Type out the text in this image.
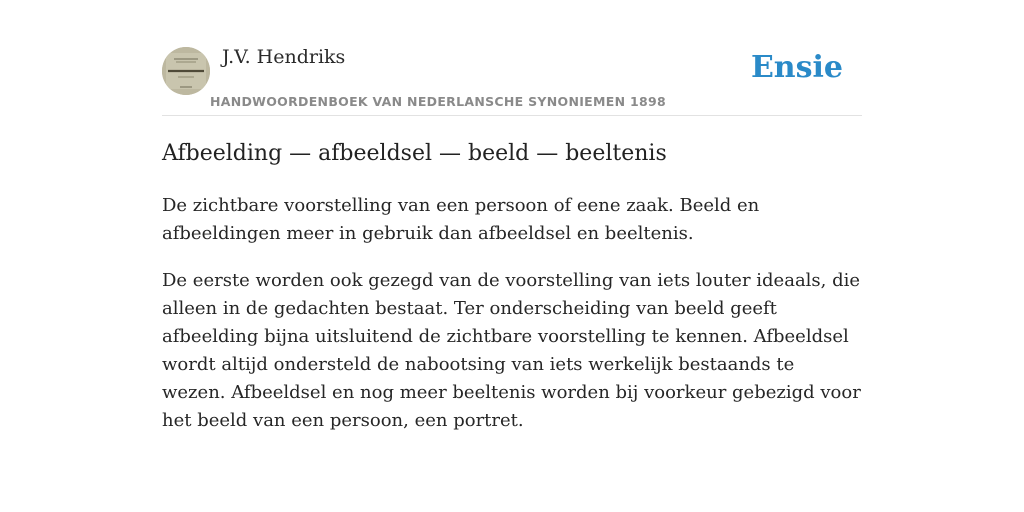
J.V. Hendriks
HANDWOORDENBOEK VAN NEDERLANSCHE SYNONIEMEN 1898
Ensie
Afbeelding — afbeeldsel — beeld — beeltenis

De zichtbare voorstelling van een persoon of eene zaak. Beeld en afbeeldingen meer in gebruik dan afbeeldsel en beeltenis.

De eerste worden ook gezegd van de voorstelling van iets louter ideaals, die alleen in de gedachten bestaat. Ter onderscheiding van beeld geeft afbeelding bijna uitsluitend de zichtbare voorstelling te kennen. Afbeeldsel wordt altijd ondersteld de nabootsing van iets werkelijk bestaands te wezen. Afbeeldsel en nog meer beeltenis worden bij voorkeur gebezigd voor het beeld van een persoon, een portret.
